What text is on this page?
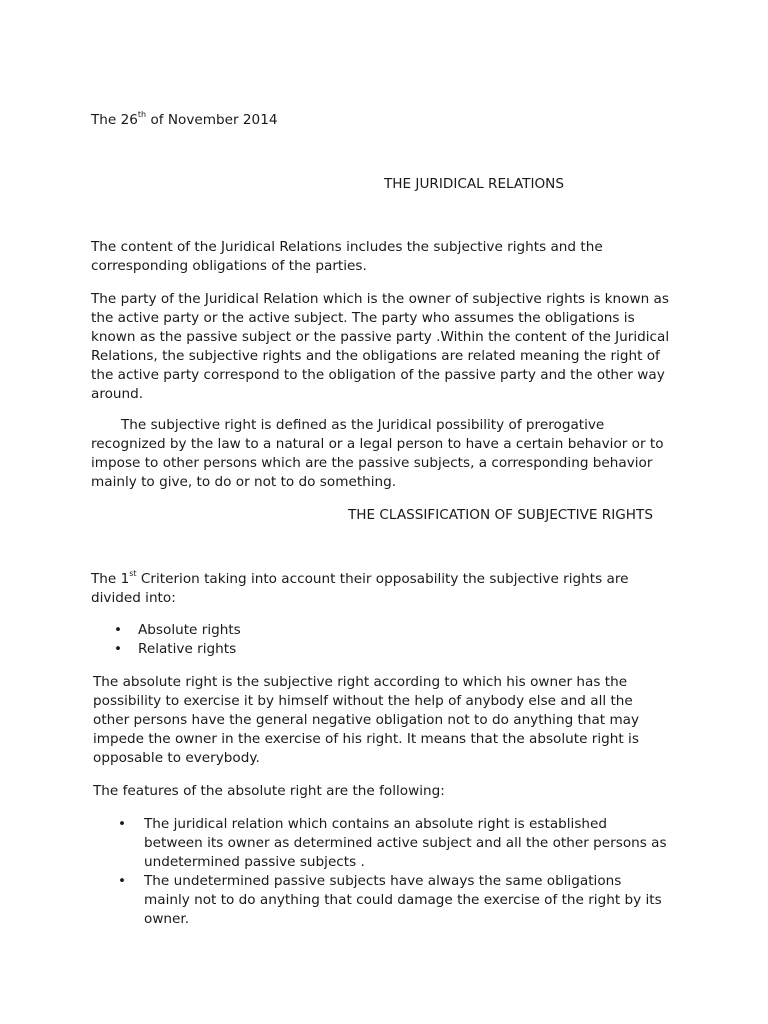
The 26th of November 2014
THE JURIDICAL RELATIONS
The content of the Juridical Relations includes the subjective rights and the
corresponding obligations of the parties.
The party of the Juridical Relation which is the owner of subjective rights is known as
the active party or the active subject. The party who assumes the obligations is
known as the passive subject or the passive party .Within the content of the Juridical
Relations, the subjective rights and the obligations are related meaning the right of
the active party correspond to the obligation of the passive party and the other way
around.
The subjective right is defined as the Juridical possibility of prerogative
recognized by the law to a natural or a legal person to have a certain behavior or to
impose to other persons which are the passive subjects, a corresponding behavior
mainly to give, to do or not to do something.
THE CLASSIFICATION OF SUBJECTIVE RIGHTS
The 1st Criterion taking into account their opposability the subjective rights are
divided into:
• Absolute rights
• Relative rights
The absolute right is the subjective right according to which his owner has the
possibility to exercise it by himself without the help of anybody else and all the
other persons have the general negative obligation not to do anything that may
impede the owner in the exercise of his right. It means that the absolute right is
opposable to everybody.
The features of the absolute right are the following:
• The juridical relation which contains an absolute right is established
between its owner as determined active subject and all the other persons as
undetermined passive subjects .
• The undetermined passive subjects have always the same obligations
mainly not to do anything that could damage the exercise of the right by its
owner.
